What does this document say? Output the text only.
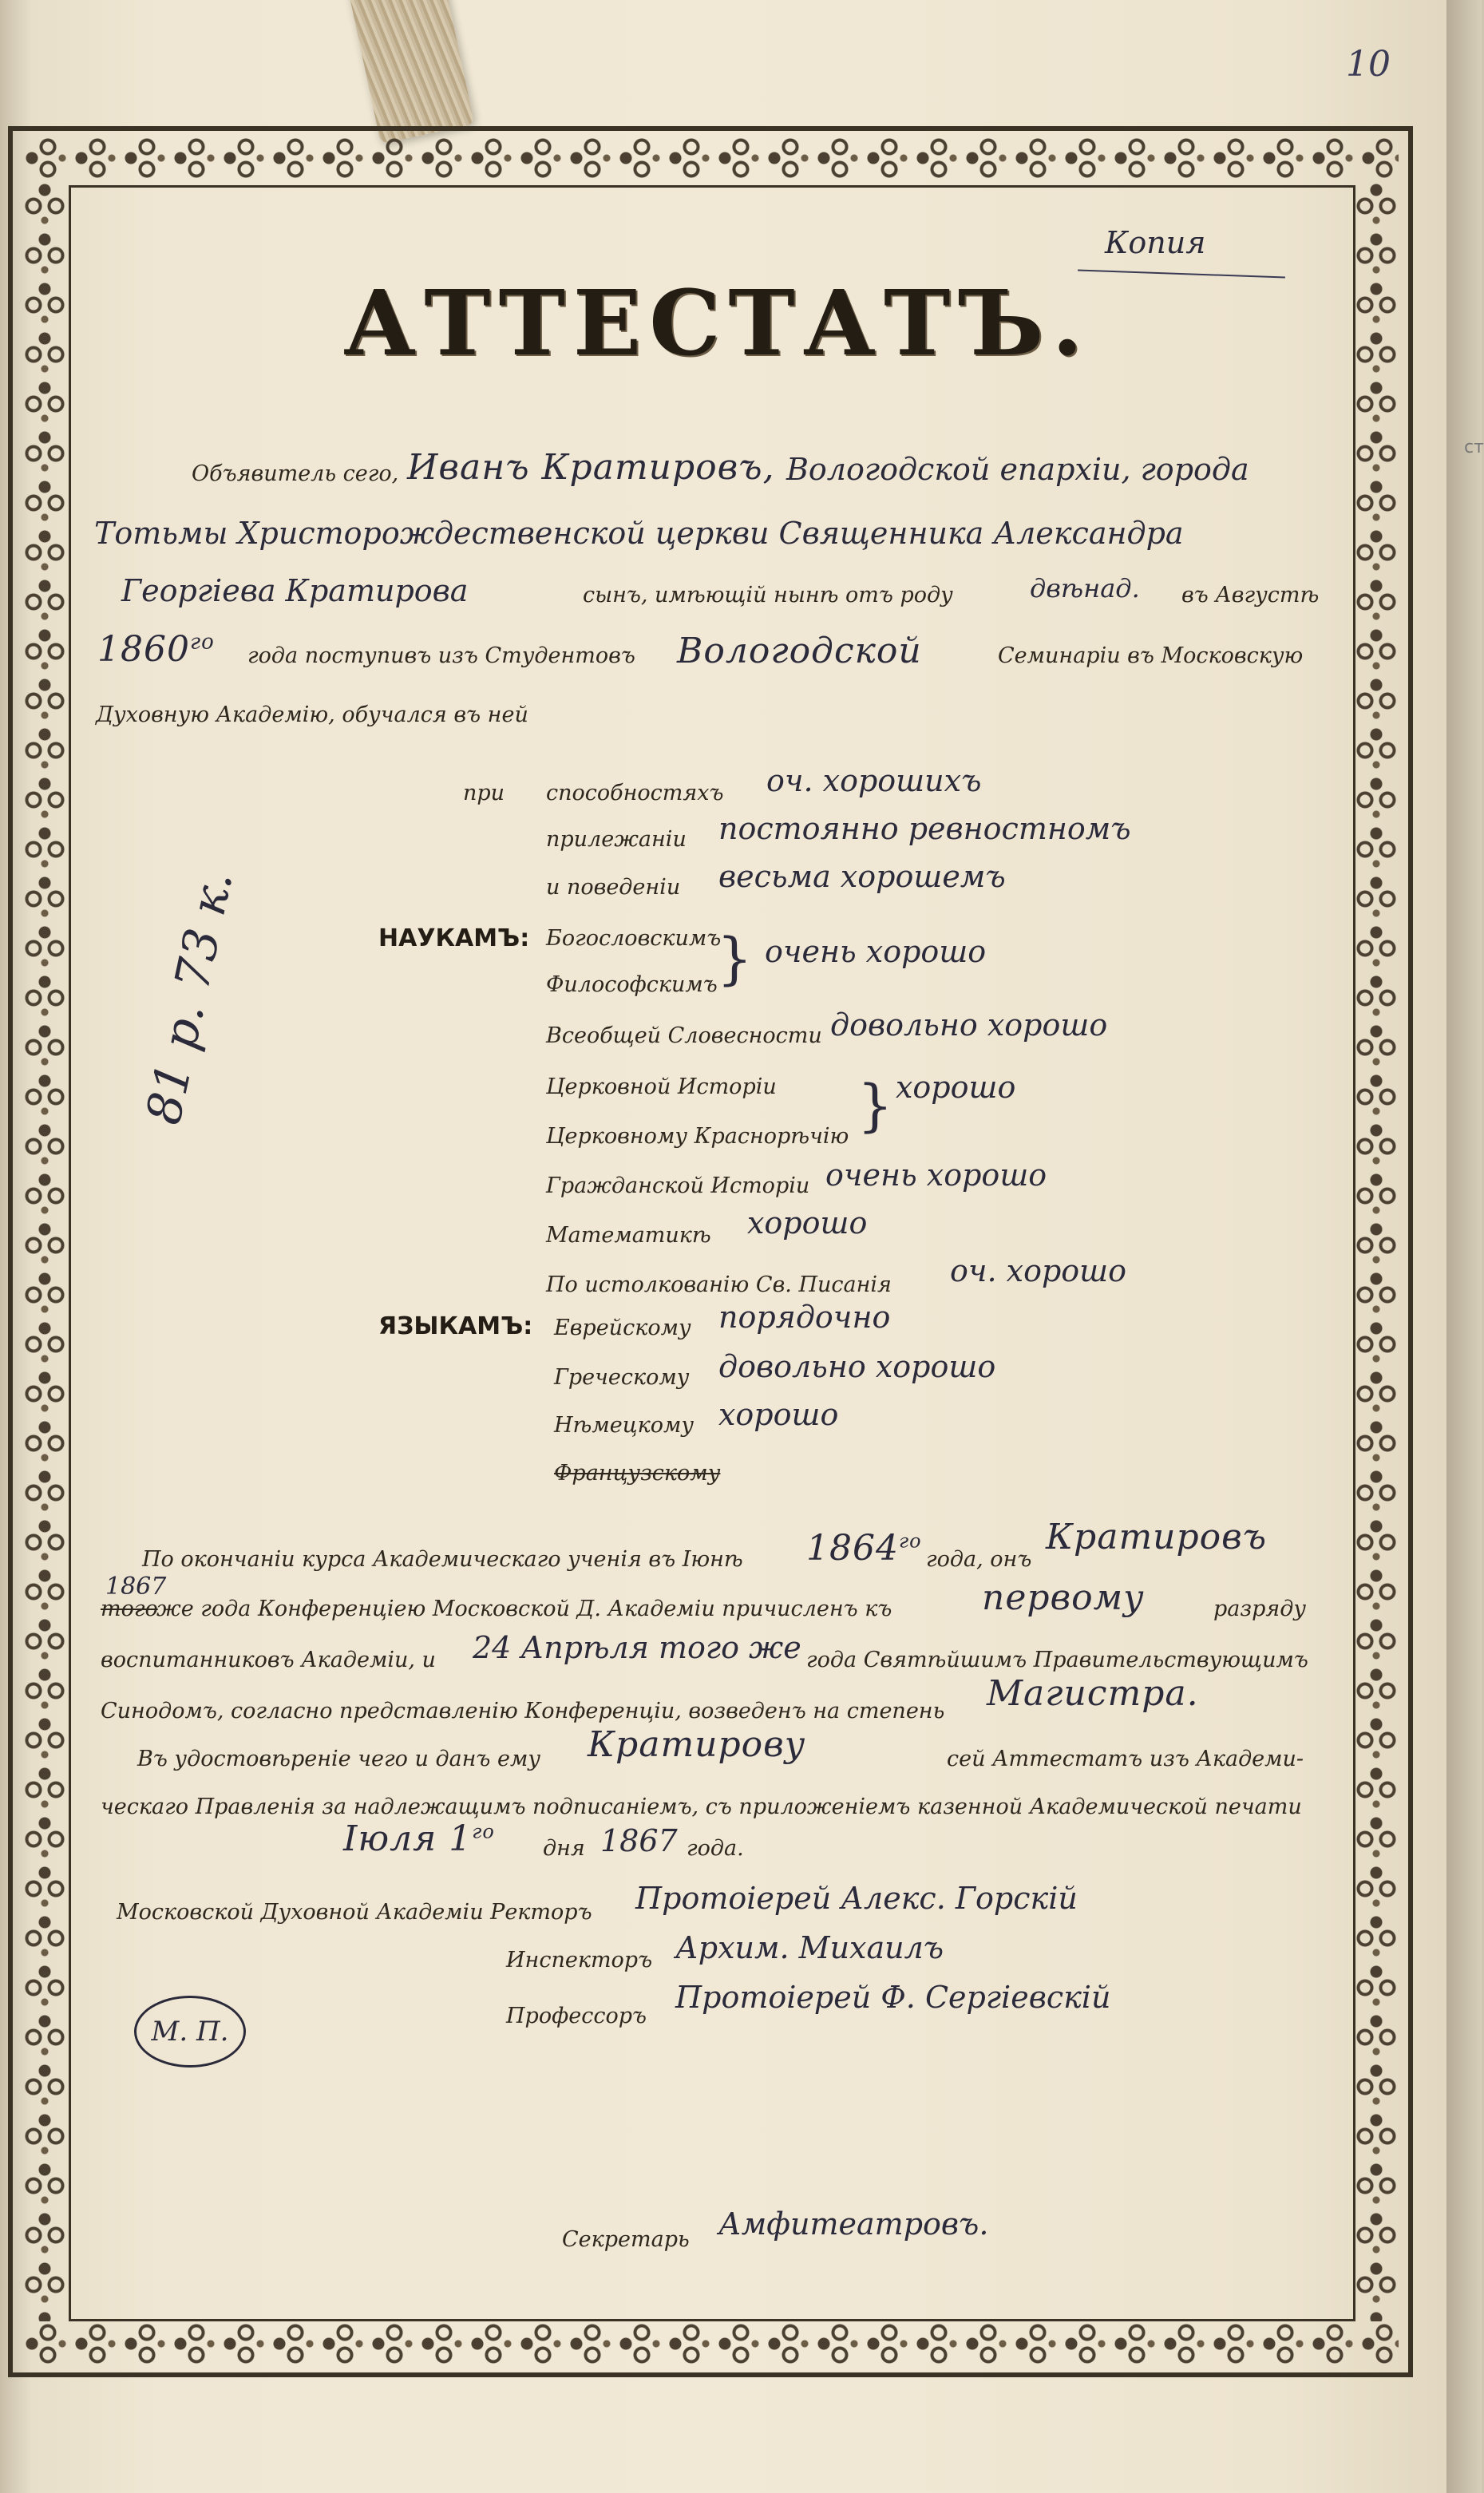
ст
10
Копия
АТТЕСТАТЪ.
Объявитель сего, Иванъ Кратировъ, Вологодской епархіи, города
Тотьмы Христорождественской церкви Священника Александра
Георгіева Кратирова	сынъ, имѣющій нынѣ отъ роду	двѣнад. въ Августѣ
$1860^{го}$
года поступивъ изъ Студентовъ Вологодской	Семинаріи въ Московскую
Духовную Академію, обучался въ ней
при способностяхъ оч. хорошихъ
прилежаніи постоянно ревностномъ
и поведеніи весьма хорошемъ
НАУКАМЪ: Богословскимъ
Философскимъ } очень хорошо
Всеобщей Словесности довольно хорошо
Церковной Исторіи
Церковному Краснорѣчію } хорошо
Гражданской Исторіи очень хорошо
Математикѣ хорошо
По истолкованію Св. Писанія оч. хорошо
ЯЗЫКАМЪ: Еврейскому порядочно
Греческому довольно хорошо
Нѣмецкому хорошо
Французскому
По окончаніи курса Академическаго ученія въ Іюнѣ $1864^{го}$
года, онъ
Кратировъ
1867
того
же года Конференціею Московской Д. Академіи причисленъ къ	первому	разряду
воспитанниковъ Академіи, и 24 Апрѣля того же года Святѣйшимъ Правительствующимъ
Синодомъ, согласно представленію Конференціи, возведенъ на степень Магистра.
Въ удостовѣреніе чего и данъ ему Кратирову	сей Аттестатъ изъ Академи-
ческаго Правленія за надлежащимъ подписаніемъ, съ приложеніемъ казенной Академической печати
Іюля $1^{го}$
дня 1867 года.
Московской Духовной Академіи Ректоръ Протоіерей Алекс. Горскій
Инспекторъ Архим. Михаилъ
Профессоръ
Протоіерей Ф. Сергіевскій
М. П.
Секретарь Амфитеатровъ.
81 р. 73 к.
